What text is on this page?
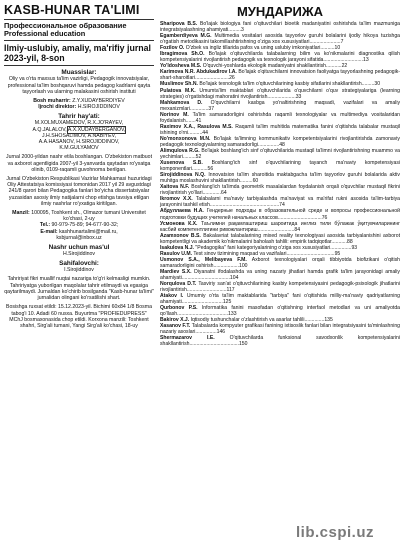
KASB-HUNAR TA'LIMI
Профессиональное образование
Professional education
Ilmiy-uslubiy, amaliy, ma'rifiy jurnal
2023-yil, 8-son
Muassislar:
Oliy va o'rta maxsus ta'lim vazirligi, Pedagogik innovatsiyalar, professional ta'lim boshqaruvi hamda pedagog kadrlarni qayta tayyorlash va ularning malakasini oshirish instituti
Bosh muharrir: Z.Y.XUDAYBERDIYEV
Ijrochi direktor: H.SIROJIDDINOV
Tahrir hay'ati:
M.XOLMUXAMEDOV, R.X.JO'RAYEV,
A.Q.JALALOV, A.X.XUDAYBERGANOV,
J.H.SHOSALIMOV, A.NABIYEV,
A.A.HASANOV, H.SIROJIDDINOV,
K.M.GULYAMOV
Jurnal 2000-yildan nashr etila boshlangan. O'zbekiston matbuot va axborot agentligida 2007-yil 3-yanvarda qaytadan ro'yxatga olinib, 0109-raqamli guvohnoma berilgan.
Jurnal O'zbekiston Respublikasi Vazirlar Mahkamasi huzuridagi Oliy Attestatsiya komissiyasi tomonidan 2017 yil 29 avgustdagi 241/8 qarori bilan Pedagogika fanlari bo'yicha dissertatsiyalar yuzasidan asosiy ilmiy natijalarni chop etishga tavsiya etilgan ilmiy nashrlar ro'yxatiga kiritilgan.
Manzil: 100095, Toshkent sh., Olmazor tumani Universitet ko'chasi, 2-uy
Tel.: 90-979-75-89; 94-677-90-32;
E-mail: kashhunartalimi@mail.ru,
ksbjurnal@inbox.uz
Nashr uchun mas'ul
H.Sirojiddinov
Sahifalovchi:
I.Sirojiddinov
Tahririyat fikri muallif nuqtai nazariga to'g'ri kelmasligi mumkin. Tahririyatga yuborilgan maqolalar tahrir etilmaydi va egasiga qaytarilmaydi. Jurnaldan ko'chirib bosilganda "Kasb-hunar ta'limi" jurnalidan olingani ko'rsatilishi shart.
Bosishga ruxsat etildi: 15.12.2023-yil. Bichimi 60x84 1/8 Bosma tabog'i 10. Adadi 60 nusxa. Buyurtma "PROFIEDUPRESS" MChJ bosmaxonasida chop etildi. Korxona manzili: Toshkent shahri, Sirg'ali tumani, Yangi Sirg'ali ko'chasi, 18-uy
МУНДАРИЖА
Sharipova B.S. Bo'lajak biologiya fani o'qituvchilari bioetik madaniyatini oshirishda ta'lim mazmuniga integratsiyalashning ahamiyati.........3
Egamberdiyeva M.G. Multimedia vositalari asosida tayyorlov guruhi bolalarini ijodiy hikoya tuzishga o'rgatish metodikasini takomillashtirishning o'ziga xos xususiyatlari......................7
Fozilov O. O'zbek va ingliz tillarida pafos va uning uslubiy imkoniyatlari..........10
Ibragimova Sh.O. Bo'lajak o'qituvchilarda talabalarning bilim va ko'nikmalarini diagnostika qilish kompetensiyalarini rivojlantirish pedagogik va texnologik jarayoni sifatida............................13
Yo'ldosheva M.S. O'quvchi-yoshlarda ekologik madaniyatni shakllantirish...........22
Karimova N.R. Abdukadirov I.A. Bo'lajak o'qituvchilarni innovatsion faoliyatga tayyorlashning pedagogik-shart-sharoitlari........................26
Muslimov Sh.N. Bo'lajak texnologik ta'lim o'qituvchilarining kasbiy sifatlarini shakllantirish.........30
Pulatova M.K. Umumta'lim maktablari o'qituvchilarida o'quvchilarni o'quv strategiyalariga (learning strategies) o'rgatishdagi mahoratini rivojlantirish....................33
Mahkamova D. O'quvchilarni kasbga yo'naltirishning maqsadi, vazifalari va amaliy mexanizmlari.............37
Norinov M. Ta'lim samaradorligini oshirishda raqamli texnologiyalar va multimediya vositalaridan foydalanish.......41
Raximov X.A., Rasulova M.S. Raqamli ta'lim muhitida matematika fanini o'qitishda talabalar mustaqil ishining o'rni..........44
No'monxonova M.N. Bo'lajak ta'limning kommunikativ kompetentsiyalarini rivojlantirishda zamonaviy pedagogik texnologiyalarning samaradorligi...............48
Alimqulova R.G. Bo'lajak boshlang'ich sinf o'qituvchilarida mustaqil ta'limni rivojlantirishning muammo va yechimlari.........52
Xusenova S.B. Boshlang'ich sinf o'quvchilarining tayanch ma'naviy kompetensiyasi komponentlari...........56
Sirojiddinova N.Q. Innovatsion ta'lim sharoitida maktabgacha ta'lim tayyorlov guruhi bolalarida aktiv muhitga moslashuvini shakllantirish.........60
Xaitova N.F. Boshlang'ich ta'limda geometrik masalalardan foydalanish orqali o'quvchilar mustaqil fikrini rivojlantirish yo'llari.............64
Ikromov X.X. Talabalarni ma'naviy tarbiyalashda ma'naviyat va ma'rifat rukni asosida ta'lim-tarbiya jarayonini tashkil etish.................................................74
Абдуллаева Н.А. Гендерные подходы в образовательной среде и вопросы профессиональной подготовки будущих учителей начальных классов...............................76
Усмонова К.Х. Таълимни рақамлаштириш шароитида инглиз тили бўлажак ўқитувчиларининг касбий компетентлигини ривожлантириш..........................84
Azamxonov B.S. Bakalavriat talabalarining mixed reality texnologiyasi asosida tarbiyalanishini axborot kompetentligi va akademik ko'nikmalarini baholash tahlili: empirik tadqiqotlar...........88
Isakulova N.J. "Pedagogika" fani kategoriyalarining o'ziga xos xususiyatlari...............93
Rasulov U.M. Test sinov tizimining maqsad va vazifalari..................................95
Usmonov S.A., Melibayeva F.M. Axborot texnologiyalari orqali tibbiyotda biofizikani o'qitish samaradorligini oshirish..................100
Mardiev S.X. Diyanatni ifodalashda va uning nazariy jihatlari hamda grafik ta'lim jarayonidagi amaliy ahamiyati..................................104
Norqulova D.T. Tasviriy san'at o'qituvchilarining kasbiy kompetensiyasini pedagogik-psixologik jihatlarini rivojlantirish............................117
Atakov I. Umumiy o'rta ta'lim maktablarida "tarbiya" fani o'qitishida milliy-ma'naviy qadriyatlarning ahamiyati.............................125
Qurbonov P.S. Informatika fanini masofadan o'qitishning interfaol metodlari va uni amaliyotda qo'llash....................................133
Bakirov X.J. Iqtisodiy tushunchalar o'zlashtirish va asarlar tahlili..............135
Xasanov F.T. Talabalarda kompyuter grafikasi fanining ixtisoslik fanlari bilan integratsiyasini ta'minlashning nazariy asoslari...............146
Shermazarov I.E.	O'qituvchilarda funksional savodxonlik kompetensiyalarini shakllantirish...................................150
lib.cspi.uz
